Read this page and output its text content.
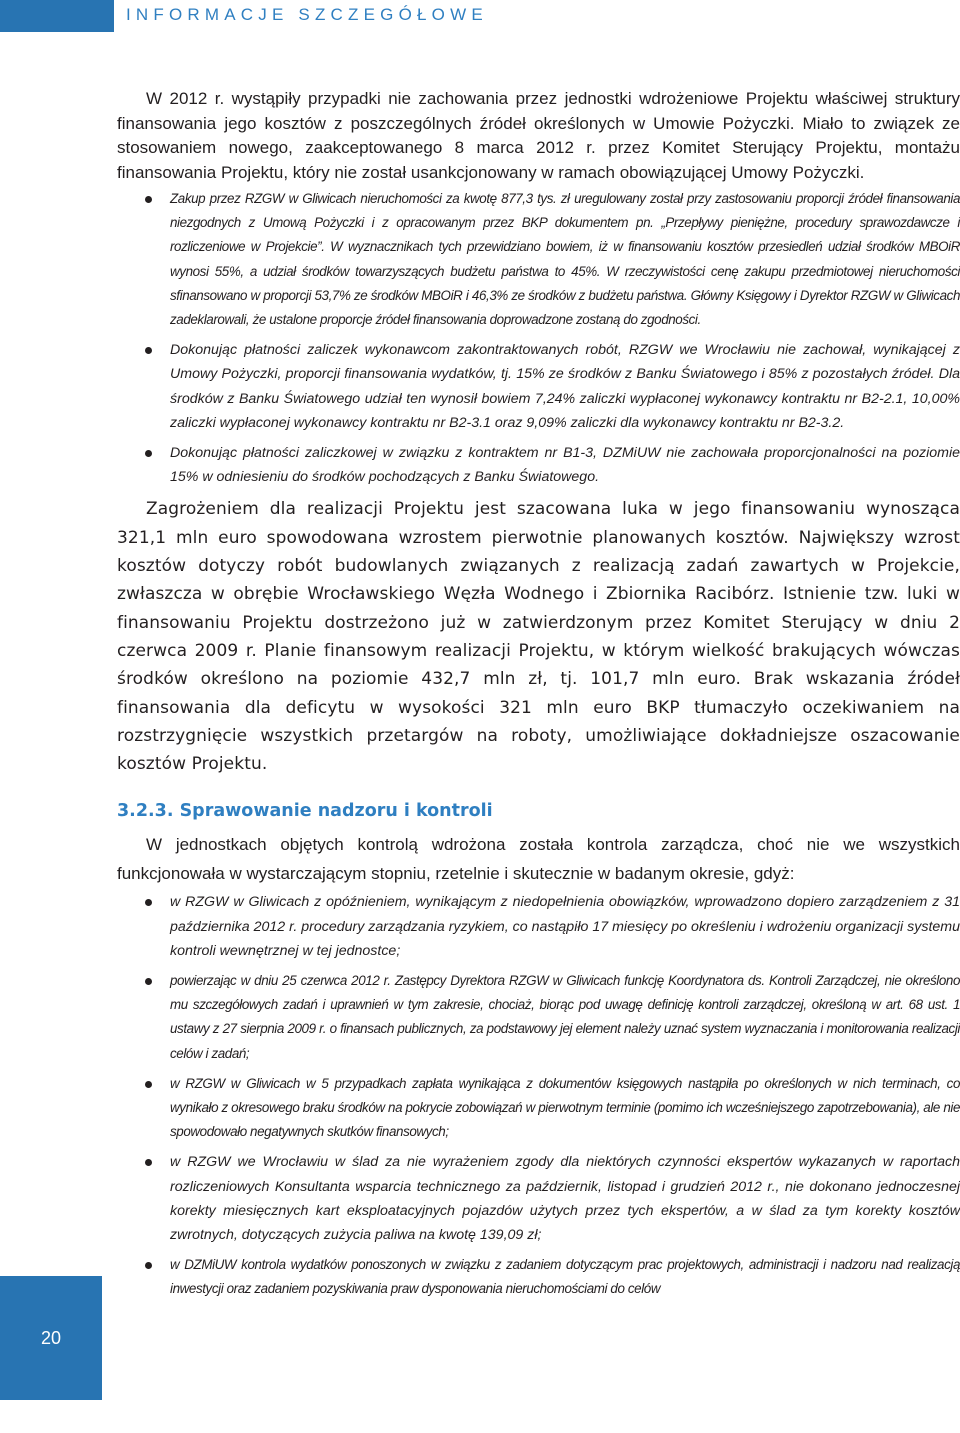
INFORMACJE SZCZEGÓŁOWE

W 2012 r. wystąpiły przypadki nie zachowania przez jednostki wdrożeniowe Projektu właściwej struktury finansowania jego kosztów z poszczególnych źródeł określonych w Umowie Pożyczki. Miało to związek ze stosowaniem nowego, zaakceptowanego 8 marca 2012 r. przez Komitet Sterujący Projektu, montażu finansowania Projektu, który nie został usankcjonowany w ramach obowiązującej Umowy Pożyczki.

Zakup przez RZGW w Gliwicach nieruchomości za kwotę 877,3 tys. zł uregulowany został przy zastosowaniu proporcji źródeł finansowania niezgodnych z Umową Pożyczki i z opracowanym przez BKP dokumentem pn. „Przepływy pieniężne, procedury sprawozdawcze i rozliczeniowe w Projekcie”. W wyznacznikach tych przewidziano bowiem, iż w finansowaniu kosztów przesiedleń udział środków MBOiR wynosi 55%, a udział środków towarzyszących budżetu państwa to 45%. W rzeczywistości cenę zakupu przedmiotowej nieruchomości sfinansowano w proporcji 53,7% ze środków MBOiR i 46,3% ze środków z budżetu państwa. Główny Księgowy i Dyrektor RZGW w Gliwicach zadeklarowali, że ustalone proporcje źródeł finansowania doprowadzone zostaną do zgodności.
Dokonując płatności zaliczek wykonawcom zakontraktowanych robót, RZGW we Wrocławiu nie zachował, wynikającej z Umowy Pożyczki, proporcji finansowania wydatków, tj. 15% ze środków z Banku Światowego i 85% z pozostałych źródeł. Dla środków z Banku Światowego udział ten wynosił bowiem 7,24% zaliczki wypłaconej wykonawcy kontraktu nr B2-2.1, 10,00% zaliczki wypłaconej wykonawcy kontraktu nr B2-3.1 oraz 9,09% zaliczki dla wykonawcy kontraktu nr B2-3.2.
Dokonując płatności zaliczkowej w związku z kontraktem nr B1-3, DZMiUW nie zachowała proporcjonalności na poziomie 15% w odniesieniu do środków pochodzących z Banku Światowego.

Zagrożeniem dla realizacji Projektu jest szacowana luka w jego finansowaniu wynosząca 321,1 mln euro spowodowana wzrostem pierwotnie planowanych kosztów. Największy wzrost kosztów dotyczy robót budowlanych związanych z realizacją zadań zawartych w Projekcie, zwłaszcza w obrębie Wrocławskiego Węzła Wodnego i Zbiornika Racibórz. Istnienie tzw. luki w finansowaniu Projektu dostrzeżono już w zatwierdzonym przez Komitet Sterujący w dniu 2 czerwca 2009 r. Planie finansowym realizacji Projektu, w którym wielkość brakujących wówczas środków określono na poziomie 432,7 mln zł, tj. 101,7 mln euro. Brak wskazania źródeł finansowania dla deficytu w wysokości 321 mln euro BKP tłumaczyło oczekiwaniem na rozstrzygnięcie wszystkich przetargów na roboty, umożliwiające dokładniejsze oszacowanie kosztów Projektu.

3.2.3. Sprawowanie nadzoru i kontroli

W jednostkach objętych kontrolą wdrożona została kontrola zarządcza, choć nie we wszystkich funkcjonowała w wystarczającym stopniu, rzetelnie i skutecznie w badanym okresie, gdyż:

w RZGW w Gliwicach z opóźnieniem, wynikającym z niedopełnienia obowiązków, wprowadzono dopiero zarządzeniem z 31 października 2012 r. procedury zarządzania ryzykiem, co nastąpiło 17 miesięcy po określeniu i wdrożeniu organizacji systemu kontroli wewnętrznej w tej jednostce;
powierzając w dniu 25 czerwca 2012 r. Zastępcy Dyrektora RZGW w Gliwicach funkcję Koordynatora ds. Kontroli Zarządczej, nie określono mu szczegółowych zadań i uprawnień w tym zakresie, chociaż, biorąc pod uwagę definicję kontroli zarządczej, określoną w art. 68 ust. 1 ustawy z 27 sierpnia 2009 r. o finansach publicznych, za podstawowy jej element należy uznać system wyznaczania i monitorowania realizacji celów i zadań;
w RZGW w Gliwicach w 5 przypadkach zapłata wynikająca z dokumentów księgowych nastąpiła po określonych w nich terminach, co wynikało z okresowego braku środków na pokrycie zobowiązań w pierwotnym terminie (pomimo ich wcześniejszego zapotrzebowania), ale nie spowodowało negatywnych skutków finansowych;
w RZGW we Wrocławiu w ślad za nie wyrażeniem zgody dla niektórych czynności ekspertów wykazanych w raportach rozliczeniowych Konsultanta wsparcia technicznego za październik, listopad i grudzień 2012 r., nie dokonano jednoczesnej korekty miesięcznych kart eksploatacyjnych pojazdów użytych przez tych ekspertów, a w ślad za tym korekty kosztów zwrotnych, dotyczących zużycia paliwa na kwotę 139,09 zł;
w DZMiUW kontrola wydatków ponoszonych w związku z zadaniem dotyczącym prac projektowych, administracji i nadzoru nad realizacją inwestycji oraz zadaniem pozyskiwania praw dysponowania nieruchomościami do celów
20
